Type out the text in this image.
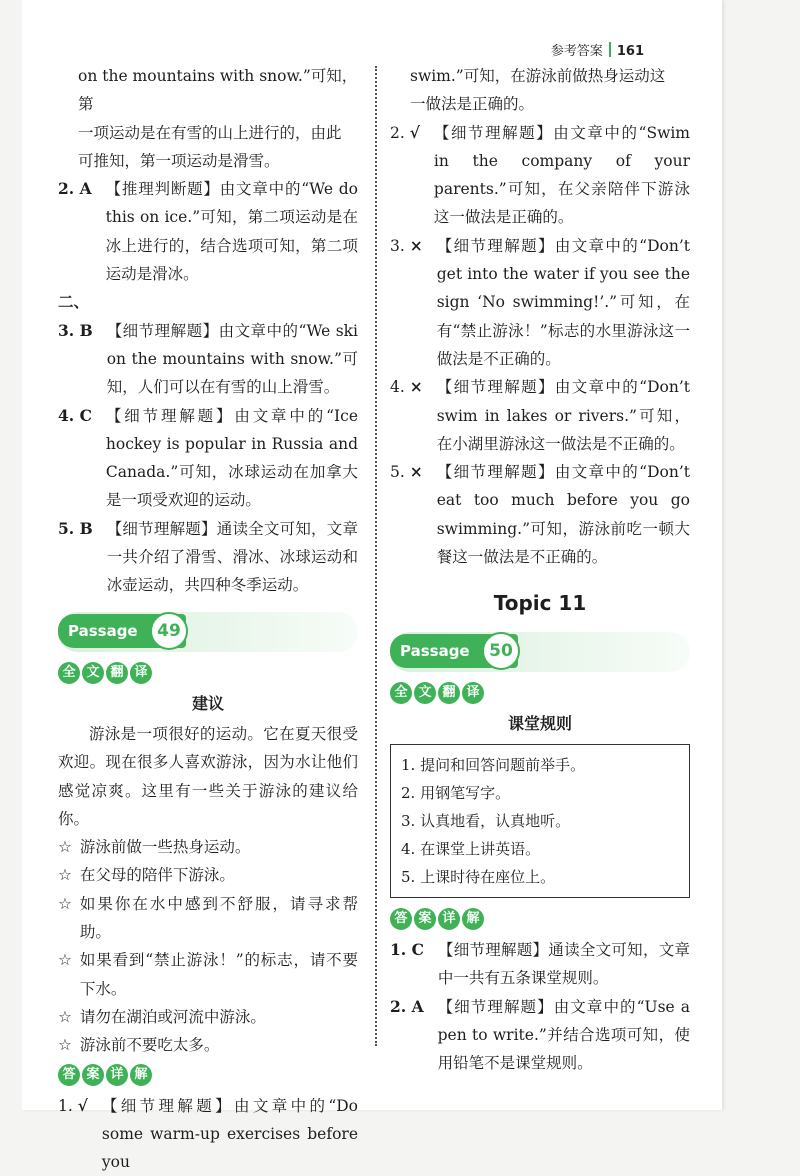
参考答案 161

on the mountains with snow.”可知，第

一项运动是在有雪的山上进行的，由此

可推知，第一项运动是滑雪。

2. A 【推理判断题】由文章中的“We do this on ice.”可知，第二项运动是在冰上进行的，结合选项可知，第二项运动是滑冰。

二、

3. B 【细节理解题】由文章中的“We ski on the mountains with snow.”可知，人们可以在有雪的山上滑雪。
4. C 【细节理解题】由文章中的“Ice hockey is popular in Russia and Canada.”可知，冰球运动在加拿大是一项受欢迎的运动。
5. B 【细节理解题】通读全文可知，文章一共介绍了滑雪、滑冰、冰球运动和冰壶运动，共四种冬季运动。
Passage	49
全 文 翻 译
建议

游泳是一项很好的运动。它在夏天很受欢迎。现在很多人喜欢游泳，因为水让他们感觉凉爽。这里有一些关于游泳的建议给你。

☆ 游泳前做一些热身运动。
☆ 在父母的陪伴下游泳。
☆ 如果你在水中感到不舒服，请寻求帮助。
☆ 如果看到“禁止游泳！”的标志，请不要下水。
☆ 请勿在湖泊或河流中游泳。
☆ 游泳前不要吃太多。
答 案 详 解
1. √ 【细节理解题】由文章中的“Do some warm-up exercises before you

swim.”可知，在游泳前做热身运动这

一做法是正确的。

2. √ 【细节理解题】由文章中的“Swim in the company of your parents.”可知，在父亲陪伴下游泳这一做法是正确的。
3. × 【细节理解题】由文章中的“Don’t get into the water if you see the sign ‘No swimming!’.”可知，在有“禁止游泳！”标志的水里游泳这一做法是不正确的。
4. × 【细节理解题】由文章中的“Don’t swim in lakes or rivers.”可知，在小湖里游泳这一做法是不正确的。
5. × 【细节理解题】由文章中的“Don’t eat too much before you go swimming.”可知，游泳前吃一顿大餐这一做法是不正确的。
Topic 11
Passage	50
全 文 翻 译
课堂规则

1. 提问和回答问题前举手。

2. 用钢笔写字。

3. 认真地看，认真地听。

4. 在课堂上讲英语。

5. 上课时待在座位上。

答 案 详 解
1. C 【细节理解题】通读全文可知，文章中一共有五条课堂规则。
2. A 【细节理解题】由文章中的“Use a pen to write.”并结合选项可知，使用铅笔不是课堂规则。
